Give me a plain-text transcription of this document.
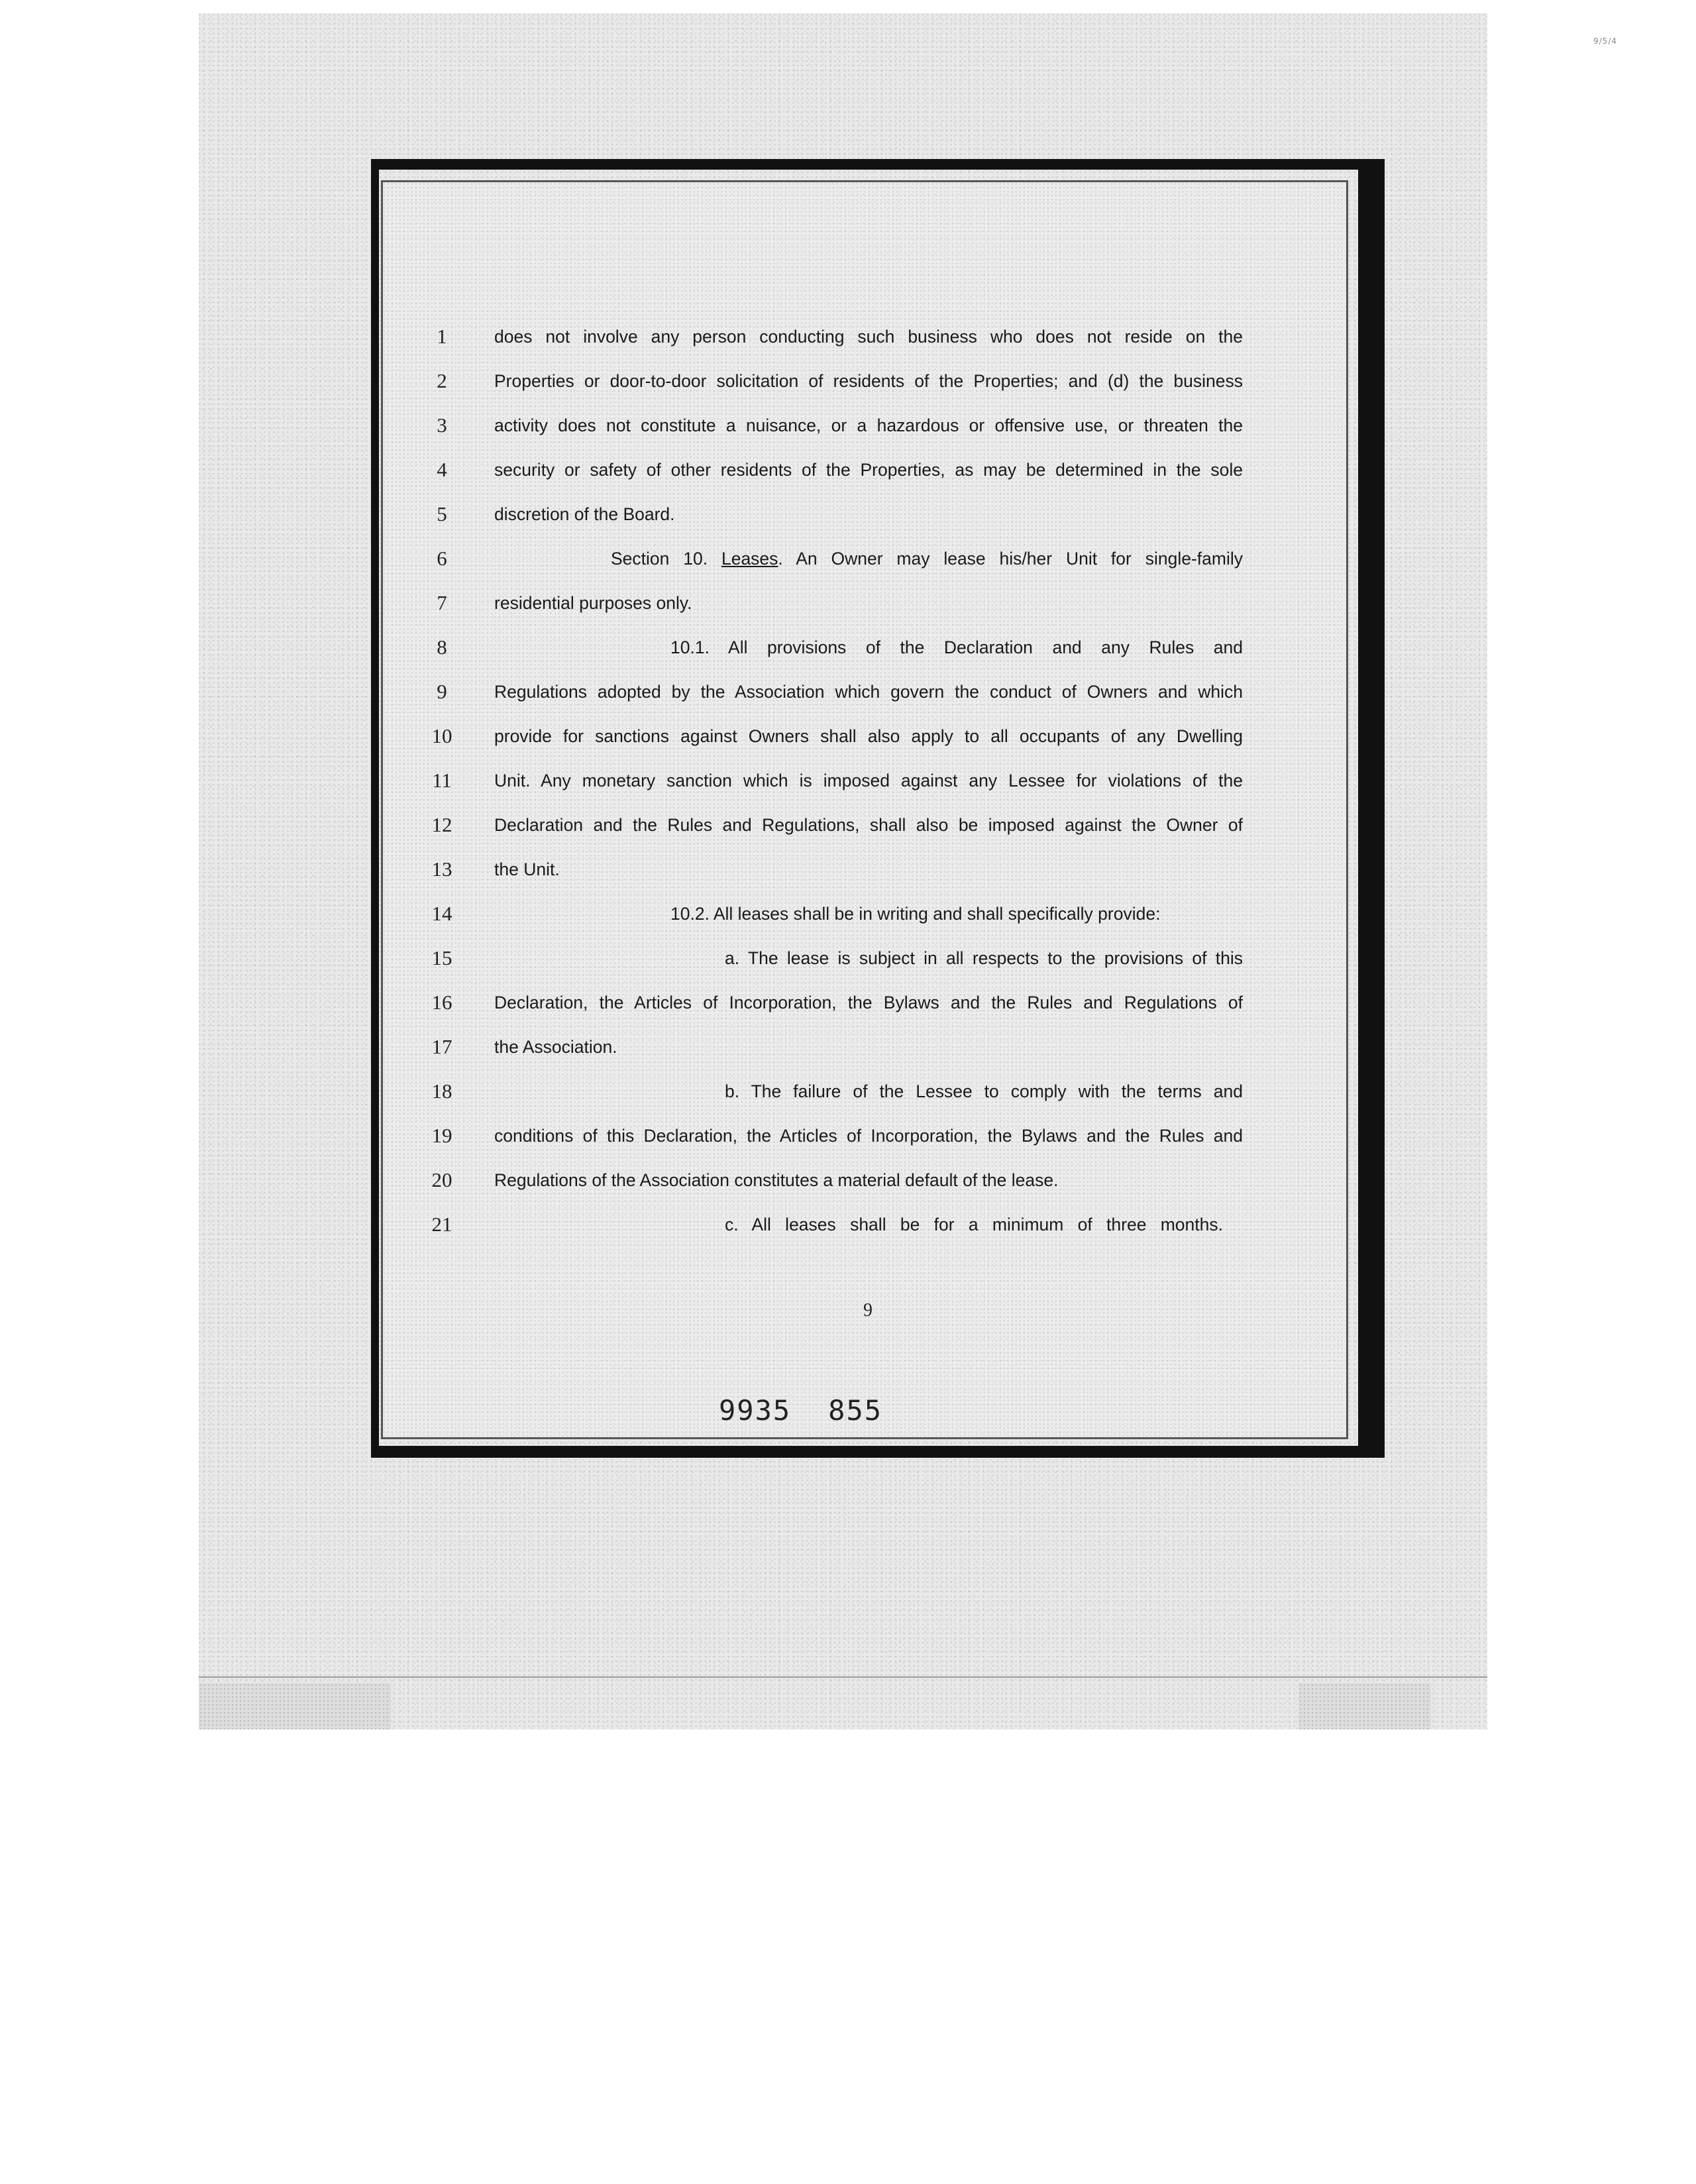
9/5/4
1
2
3
4
5
6
7
8
9
10
11
12
13
14
15
16
17
18
19
20
21
does not involve any person conducting such business who does not reside on the
Properties or door-to-door solicitation of residents of the Properties; and (d) the business
activity does not constitute a nuisance, or a hazardous or offensive use, or threaten the
security or safety of other residents of the Properties, as may be determined in the sole
discretion of the Board.
Section 10. Leases. An Owner may lease his/her Unit for single-family
residential purposes only.
10.1. All provisions of the Declaration and any Rules and
Regulations adopted by the Association which govern the conduct of Owners and which
provide for sanctions against Owners shall also apply to all occupants of any Dwelling
Unit. Any monetary sanction which is imposed against any Lessee for violations of the
Declaration and the Rules and Regulations, shall also be imposed against the Owner of
the Unit.
10.2. All leases shall be in writing and shall specifically provide:
a. The lease is subject in all respects to the provisions of this
Declaration, the Articles of Incorporation, the Bylaws and the Rules and Regulations of
the Association.
b. The failure of the Lessee to comply with the terms and
conditions of this Declaration, the Articles of Incorporation, the Bylaws and the Rules and
Regulations of the Association constitutes a material default of the lease.
c. All leases shall be for a minimum of three months.
9
9935 855
